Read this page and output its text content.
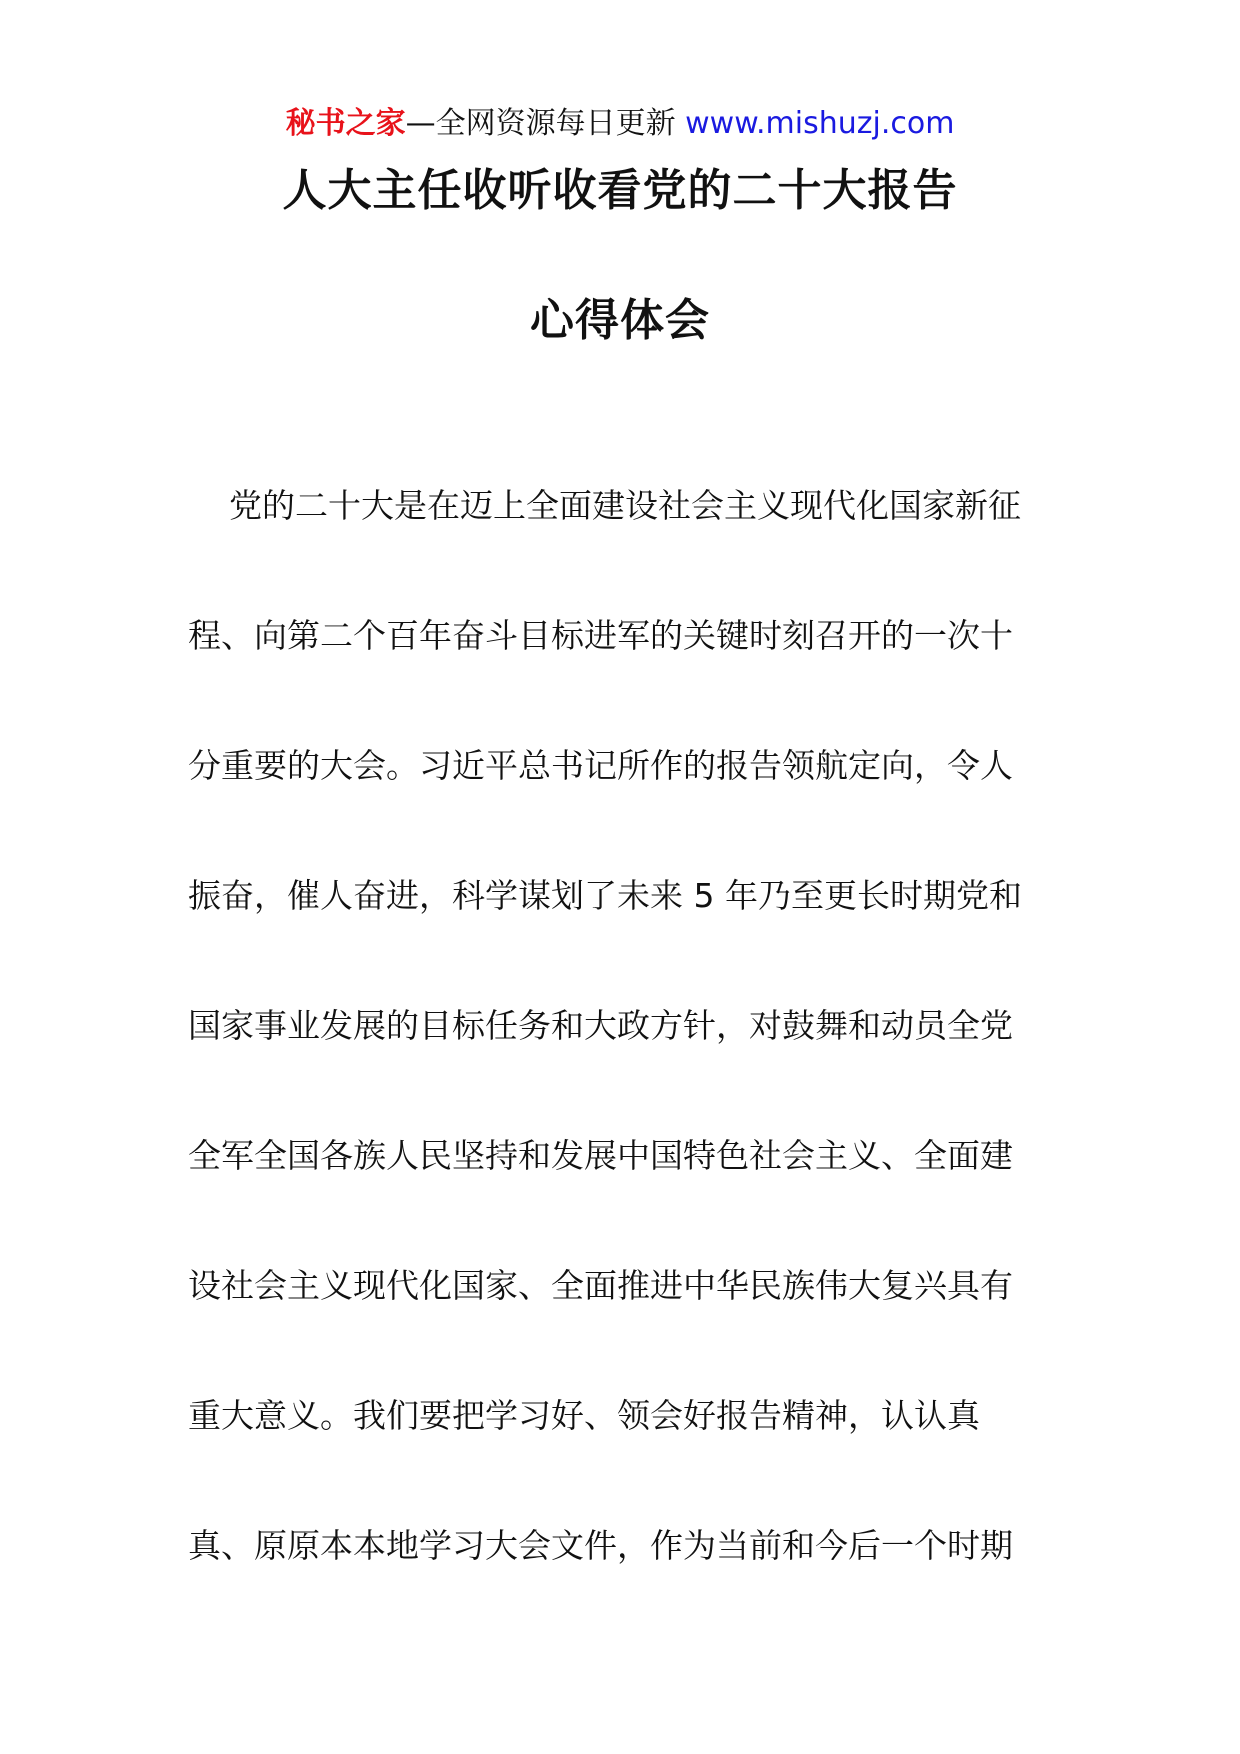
秘书之家—全网资源每日更新 www.mishuzj.com
人大主任收听收看党的二十大报告
心得体会
党的二十大是在迈上全面建设社会主义现代化国家新征
程、向第二个百年奋斗目标进军的关键时刻召开的一次十
分重要的大会。习近平总书记所作的报告领航定向，令人
振奋，催人奋进，科学谋划了未来 5 年乃至更长时期党和
国家事业发展的目标任务和大政方针，对鼓舞和动员全党
全军全国各族人民坚持和发展中国特色社会主义、全面建
设社会主义现代化国家、全面推进中华民族伟大复兴具有
重大意义。我们要把学习好、领会好报告精神，认认真
真、原原本本地学习大会文件，作为当前和今后一个时期
